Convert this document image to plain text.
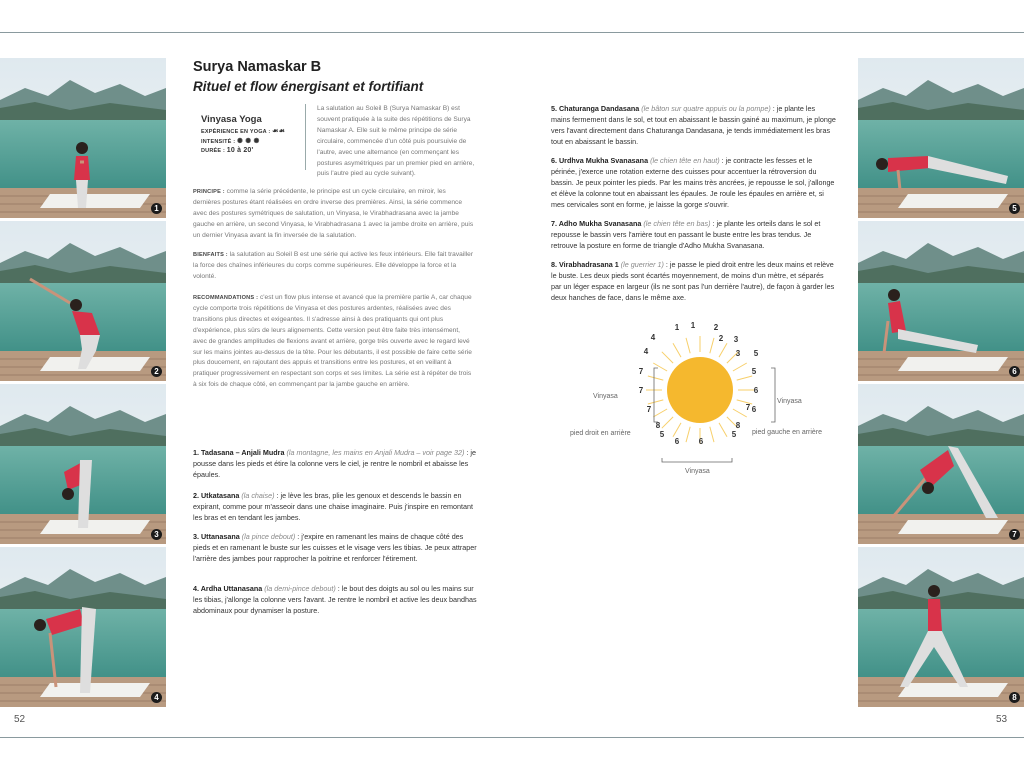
1
2
3
4
5
6
7
8
52	53
Surya Namaskar B
Rituel et flow énergisant et fortifiant
Vinyasa Yoga
EXPÉRIENCE EN YOGA : ☙☙
INTENSITÉ : ✺ ✺ ✺
DURÉE : 10 à 20'

La salutation au Soleil B (Surya Namaskar B) est souvent pratiquée à la suite des répétitions de Surya Namaskar A. Elle suit le même principe de série circulaire, commencée d'un côté puis poursuivie de l'autre, avec une alternance (en commençant les postures asymétriques par un premier pied en arrière, puis l'autre pied au cycle suivant).

PRINCIPE : comme la série précédente, le principe est un cycle circulaire, en miroir, les dernières postures étant réalisées en ordre inverse des premières. Ainsi, la série commence avec des postures symétriques de salutation, un Vinyasa, le Virabhadrasana avec la jambe gauche en arrière, un second Vinyasa, le Virabhadrasana 1 avec la jambe droite en arrière, puis un dernier Vinyasa avant la fin inversée de la salutation.

BIENFAITS : la salutation au Soleil B est une série qui active les feux intérieurs. Elle fait travailler la force des chaînes inférieures du corps comme supérieures. Elle développe la force et la volonté.

RECOMMANDATIONS : c'est un flow plus intense et avancé que la première partie A, car chaque cycle comporte trois répétitions de Vinyasa et des postures ardentes, réalisées avec des transitions plus directes et exigeantes. Il s'adresse ainsi à des pratiquants qui ont plus d'expérience, plus sûrs de leurs alignements. Cette version peut être faite très intensément, avec de grandes amplitudes de flexions avant et arrière, gorge très ouverte avec le regard levé sur les mains jointes au-dessus de la tête. Pour les débutants, il est possible de faire cette série plus doucement, en rajoutant des appuis et transitions entre les postures, et en veillant à pratiquer progressivement en respectant son corps et ses limites. La série est à répéter de trois à six fois de chaque côté, en commençant par la jambe gauche en arrière.

1. Tadasana – Anjali Mudra (la montagne, les mains en Anjali Mudra – voir page 32) : je pousse dans les pieds et étire la colonne vers le ciel, je rentre le nombril et abaisse les épaules.

2. Utkatasana (la chaise) : je lève les bras, plie les genoux et descends le bassin en expirant, comme pour m'asseoir dans une chaise imaginaire. Puis j'inspire en remontant les bras et en tendant les jambes.

3. Uttanasana (la pince debout) : j'expire en ramenant les mains de chaque côté des pieds et en ramenant le buste sur les cuisses et le visage vers les tibias. Je peux attraper l'arrière des jambes pour rapprocher la poitrine et renforcer l'étirement.

4. Ardha Uttanasana (la demi-pince debout) : le bout des doigts au sol ou les mains sur les tibias, j'allonge la colonne vers l'avant. Je rentre le nombril et active les deux bandhas abdominaux pour dynamiser la posture.

5. Chaturanga Dandasana (le bâton sur quatre appuis ou la pompe) : je plante les mains fermement dans le sol, et tout en abaissant le bassin gainé au maximum, je plonge vers l'avant directement dans Chaturanga Dandasana, je tends immédiatement les bras tout en abaissant le bassin.

6. Urdhva Mukha Svanasana (le chien tête en haut) : je contracte les fesses et le périnée, j'exerce une rotation externe des cuisses pour accentuer la rétroversion du bassin. Je peux pointer les pieds. Par les mains très ancrées, je repousse le sol, j'allonge et élève la colonne tout en abaissant les épaules. Je roule les épaules en arrière et, si mes cervicales sont en forme, je laisse la gorge s'ouvrir.

7. Adho Mukha Svanasana (le chien tête en bas) : je plante les orteils dans le sol et repousse le bassin vers l'arrière tout en passant le buste entre les bras tendus. Je retrouve la posture en forme de triangle d'Adho Mukha Svanasana.

8. Virabhadrasana 1 (le guerrier 1) : je passe le pied droit entre les deux mains et relève le buste. Les deux pieds sont écartés moyennement, de moins d'un mètre, et séparés par un léger espace en largeur (ils ne sont pas l'un derrière l'autre), de façon à garder les deux hanches de face, dans le même axe.

1 1 2
2 3
3
4
4
5
5
6
6
7
7
7
7
6 6
5	5
8	8
Vinyasa
Vinyasa
Vinyasa
pied droit en arrière	pied gauche en arrière
